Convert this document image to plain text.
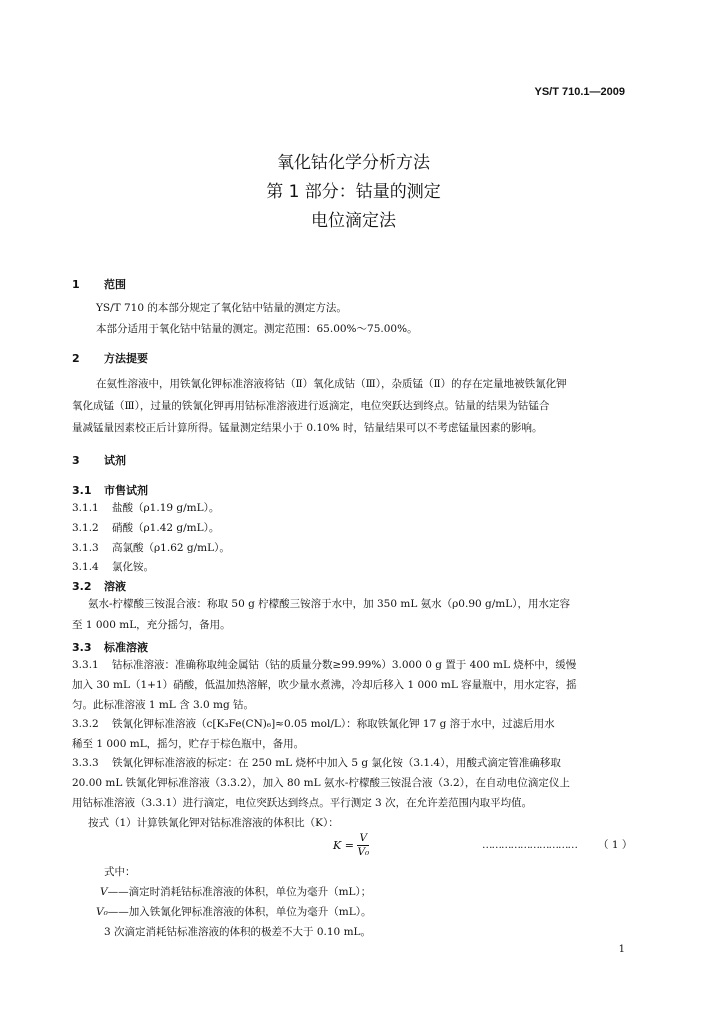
YS/T 710.1—2009
氧化钴化学分析方法
第 1 部分：钴量的测定
电位滴定法
1 范围
YS/T 710 的本部分规定了氧化钴中钴量的测定方法。
本部分适用于氧化钴中钴量的测定。测定范围：65.00%～75.00%。
2 方法提要
在氨性溶液中，用铁氰化钾标准溶液将钴（Ⅱ）氧化成钴（Ⅲ），杂质锰（Ⅱ）的存在定量地被铁氰化钾
氧化成锰（Ⅲ），过量的铁氰化钾再用钴标准溶液进行返滴定，电位突跃达到终点。钴量的结果为钴锰合
量减锰量因素校正后计算所得。锰量测定结果小于 0.10% 时，钴量结果可以不考虑锰量因素的影响。
3 试剂
3.1 市售试剂
3.1.1 盐酸（ρ1.19 g/mL）。
3.1.2 硝酸（ρ1.42 g/mL）。
3.1.3 高氯酸（ρ1.62 g/mL）。
3.1.4 氯化铵。
3.2 溶液
氨水-柠檬酸三铵混合液：称取 50 g 柠檬酸三铵溶于水中，加 350 mL 氨水（ρ0.90 g/mL），用水定容
至 1 000 mL，充分摇匀，备用。
3.3 标准溶液
3.3.1 钴标准溶液：准确称取纯金属钴（钴的质量分数≥99.99%）3.000 0 g 置于 400 mL 烧杯中，缓慢
加入 30 mL（1+1）硝酸，低温加热溶解，吹少量水煮沸，冷却后移入 1 000 mL 容量瓶中，用水定容，摇
匀。此标准溶液 1 mL 含 3.0 mg 钴。
3.3.2 铁氰化钾标准溶液（c[K₃Fe(CN)₆]≈0.05 mol/L）：称取铁氰化钾 17 g 溶于水中，过滤后用水
稀至 1 000 mL，摇匀，贮存于棕色瓶中，备用。
3.3.3 铁氰化钾标准溶液的标定：在 250 mL 烧杯中加入 5 g 氯化铵（3.1.4），用酸式滴定管准确移取
20.00 mL 铁氰化钾标准溶液（3.3.2），加入 80 mL 氨水-柠檬酸三铵混合液（3.2），在自动电位滴定仪上
用钴标准溶液（3.3.1）进行滴定，电位突跃达到终点。平行测定 3 次，在允许差范围内取平均值。
按式（1）计算铁氰化钾对钴标准溶液的体积比（K）：
$K = \frac{V}{\text{V₀}}$	………………………… （ 1 ）
式中：
V——滴定时消耗钴标准溶液的体积，单位为毫升（mL）；
V₀——加入铁氰化钾标准溶液的体积，单位为毫升（mL）。
3 次滴定消耗钴标准溶液的体积的极差不大于 0.10 mL。
1
